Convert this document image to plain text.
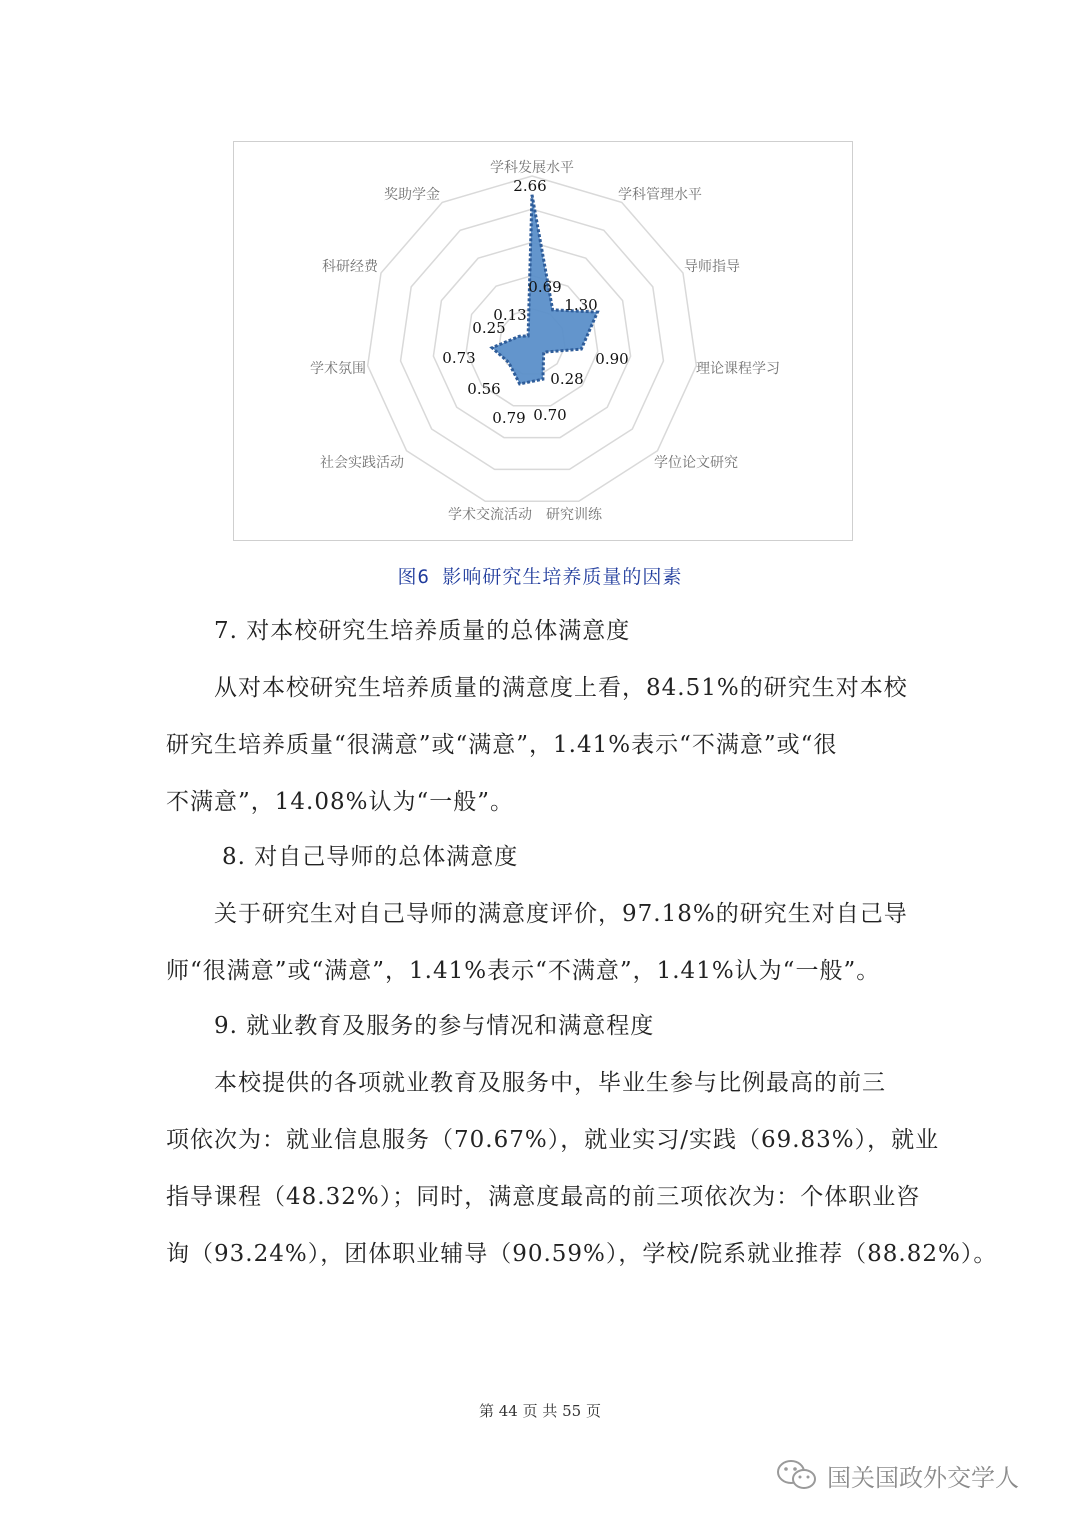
学科发展水平
学科管理水平
导师指导
理论课程学习
学位论文研究
研究训练
学术交流活动
社会实践活动
学术氛围
科研经费
奖助学金	2.66
0.69
1.30
0.90
0.28
0.70
0.79
0.56
0.73
0.25
0.13
图6 影响研究生培养质量的因素
7. 对本校研究生培养质量的总体满意度
从对本校研究生培养质量的满意度上看，84.51%的研究生对本校
研究生培养质量“很满意”或“满意”，1.41%表示“不满意”或“很
不满意”，14.08%认为“一般”。
8. 对自己导师的总体满意度
关于研究生对自己导师的满意度评价，97.18%的研究生对自己导
师“很满意”或“满意”，1.41%表示“不满意”，1.41%认为“一般”。
9. 就业教育及服务的参与情况和满意程度
本校提供的各项就业教育及服务中，毕业生参与比例最高的前三
项依次为：就业信息服务（70.67%），就业实习/实践（69.83%），就业
指导课程（48.32%）；同时，满意度最高的前三项依次为：个体职业咨
询（93.24%），团体职业辅导（90.59%），学校/院系就业推荐（88.82%）。
第 44 页 共 55 页
国关国政外交学人
